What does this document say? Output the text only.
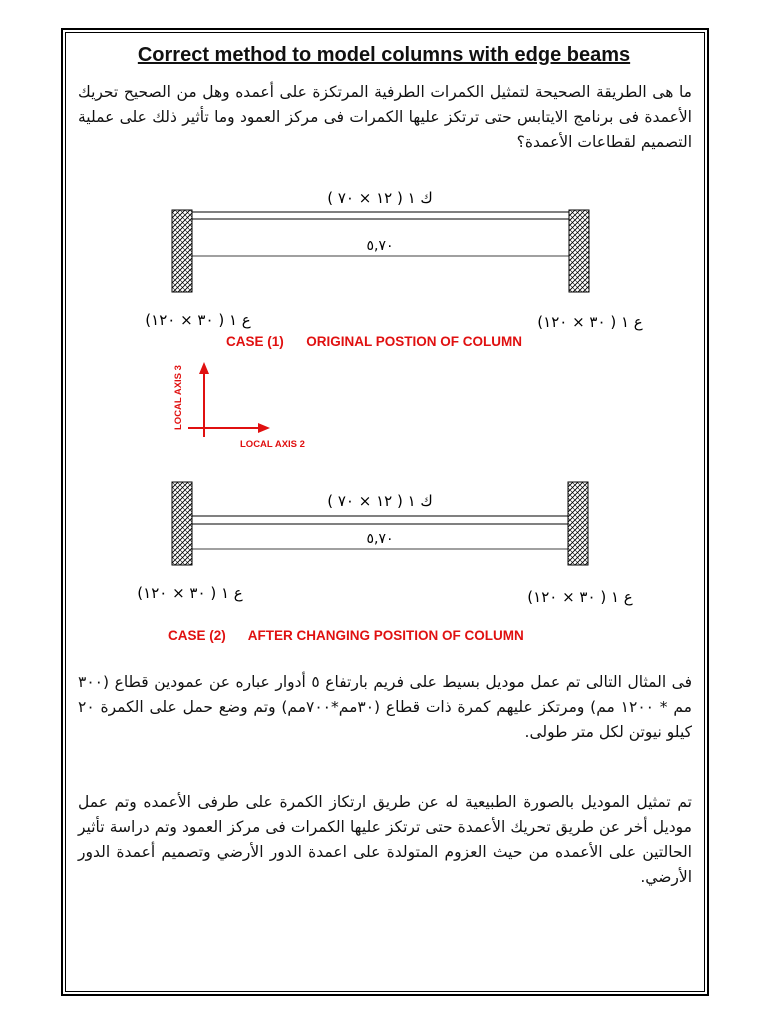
Correct method to model columns with edge beams
ما هى الطريقة الصحيحة لتمثيل الكمرات الطرفية المرتكزة على أعمده وهل من الصحيح تحريك الأعمدة فى برنامج الايتابس حتى ترتكز عليها الكمرات فى مركز العمود وما تأثير ذلك على عملية التصميم لقطاعات الأعمدة؟
ك ١ ( ١٢ × ٧٠ )
٥,٧٠
ع ١ ( ٣٠ × ١٢٠)	ع ١ ( ٣٠ × ١٢٠)
CASE (1)      ORIGINAL POSTION OF COLUMN
LOCAL AXIS 3
LOCAL AXIS 2
ك ١ ( ١٢ × ٧٠ )
٥,٧٠
ع ١ ( ٣٠ × ١٢٠)	ع ١ ( ٣٠ × ١٢٠)
CASE (2)      AFTER CHANGING POSITION OF COLUMN
فى المثال التالى تم عمل موديل بسيط على فريم بارتفاع ٥ أدوار عباره عن عمودين قطاع (٣٠٠ مم * ١٢٠٠ مم) ومرتكز عليهم كمرة ذات قطاع (٣٠مم*٧٠٠مم) وتم وضع حمل على الكمرة ٢٠ كيلو نيوتن لكل متر طولى.
تم تمثيل الموديل بالصورة الطبيعية له عن طريق ارتكاز الكمرة على طرفى الأعمده وتم عمل موديل أخر عن طريق تحريك الأعمدة حتى ترتكز عليها الكمرات فى مركز العمود وتم دراسة تأثير الحالتين على الأعمده من حيث العزوم المتولدة على اعمدة الدور الأرضي وتصميم أعمدة الدور الأرضي.
